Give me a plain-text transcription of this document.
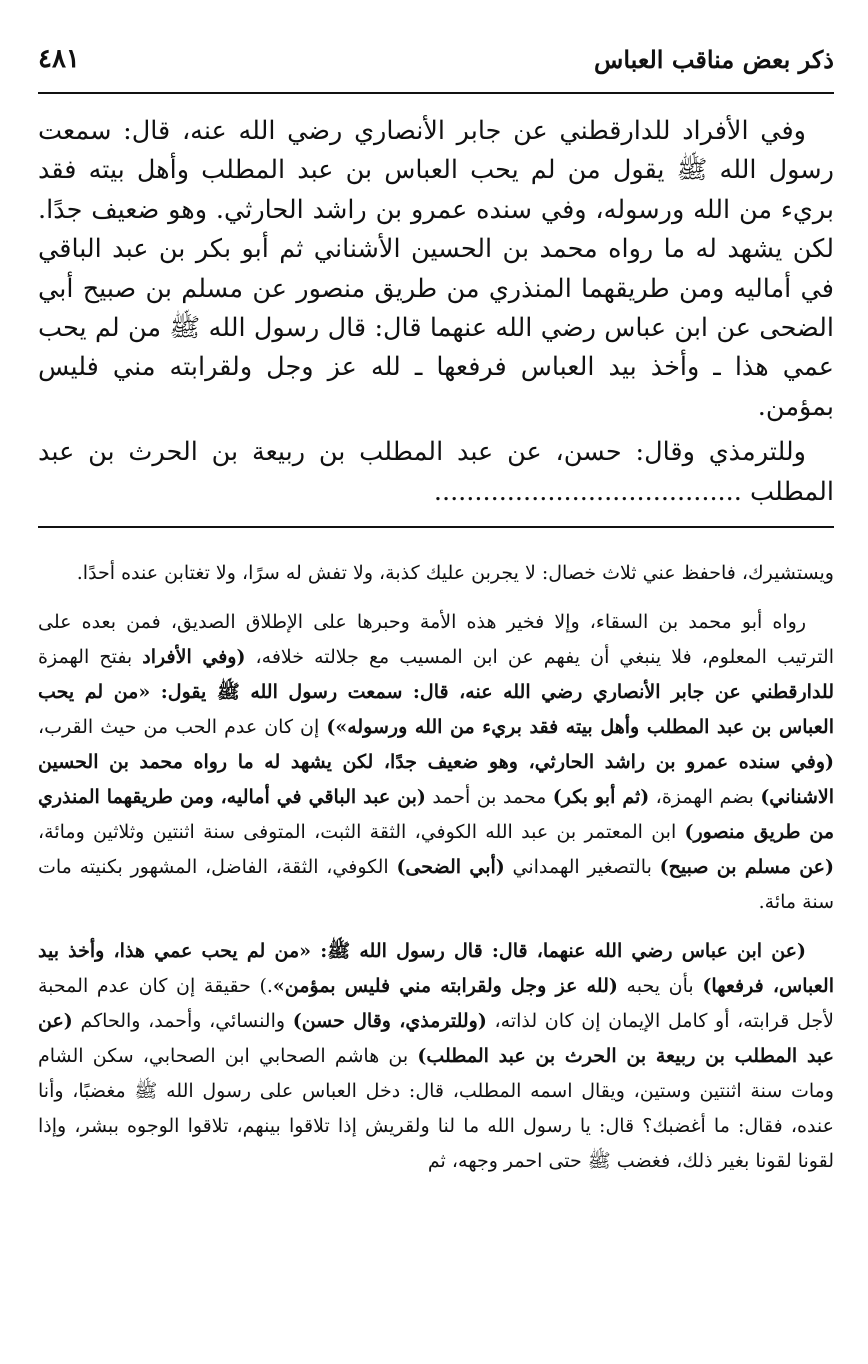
٤٨١	ذكر بعض مناقب العباس

وفي الأفراد للدارقطني عن جابر الأنصاري رضي الله عنه، قال: سمعت رسول الله ﷺ يقول من لم يحب العباس بن عبد المطلب وأهل بيته فقد بريء من الله ورسوله، وفي سنده عمرو بن راشد الحارثي. وهو ضعيف جدًا. لكن يشهد له ما رواه محمد بن الحسين الأشناني ثم أبو بكر بن عبد الباقي في أماليه ومن طريقهما المنذري من طريق منصور عن مسلم بن صبيح أبي الضحى عن ابن عباس رضي الله عنهما قال: قال رسول الله ﷺ من لم يحب عمي هذا ـ وأخذ بيد العباس فرفعها ـ لله عز وجل ولقرابته مني فليس بمؤمن.

وللترمذي وقال: حسن، عن عبد المطلب بن ربيعة بن الحرث بن عبد المطلب ......................................

ويستشيرك، فاحفظ عني ثلاث خصال: لا يجربن عليك كذبة، ولا تفش له سرًا، ولا تغتابن عنده أحدًا.

رواه أبو محمد بن السقاء، وإلا فخير هذه الأمة وحبرها على الإطلاق الصديق، فمن بعده على الترتيب المعلوم، فلا ينبغي أن يفهم عن ابن المسيب مع جلالته خلافه، (وفي الأفراد بفتح الهمزة للدارقطني عن جابر الأنصاري رضي الله عنه، قال: سمعت رسول الله ﷺ يقول: «من لم يحب العباس بن عبد المطلب وأهل بيته فقد بريء من الله ورسوله») إن كان عدم الحب من حيث القرب، (وفي سنده عمرو بن راشد الحارثي، وهو ضعيف جدًا، لكن يشهد له ما رواه محمد بن الحسين الاشناني) بضم الهمزة، (ثم أبو بكر) محمد بن أحمد (بن عبد الباقي في أماليه، ومن طريقهما المنذري من طريق منصور) ابن المعتمر بن عبد الله الكوفي، الثقة الثبت، المتوفى سنة اثنتين وثلاثين ومائة، (عن مسلم بن صبيح) بالتصغير الهمداني (أبي الضحى) الكوفي، الثقة، الفاضل، المشهور بكنيته مات سنة مائة.

(عن ابن عباس رضي الله عنهما، قال: قال رسول الله ﷺ: «من لم يحب عمي هذا، وأخذ بيد العباس، فرفعها) بأن يحبه (لله عز وجل ولقرابته مني فليس بمؤمن».) حقيقة إن كان عدم المحبة لأجل قرابته، أو كامل الإيمان إن كان لذاته، (وللترمذي، وقال حسن) والنسائي، وأحمد، والحاكم (عن عبد المطلب بن ربيعة بن الحرث بن عبد المطلب) بن هاشم الصحابي ابن الصحابي، سكن الشام ومات سنة اثنتين وستين، ويقال اسمه المطلب، قال: دخل العباس على رسول الله ﷺ مغضبًا، وأنا عنده، فقال: ما أغضبك؟ قال: يا رسول الله ما لنا ولقريش إذا تلاقوا بينهم، تلاقوا الوجوه ببشر، وإذا لقونا لقونا بغير ذلك، فغضب ﷺ حتى احمر وجهه، ثم
